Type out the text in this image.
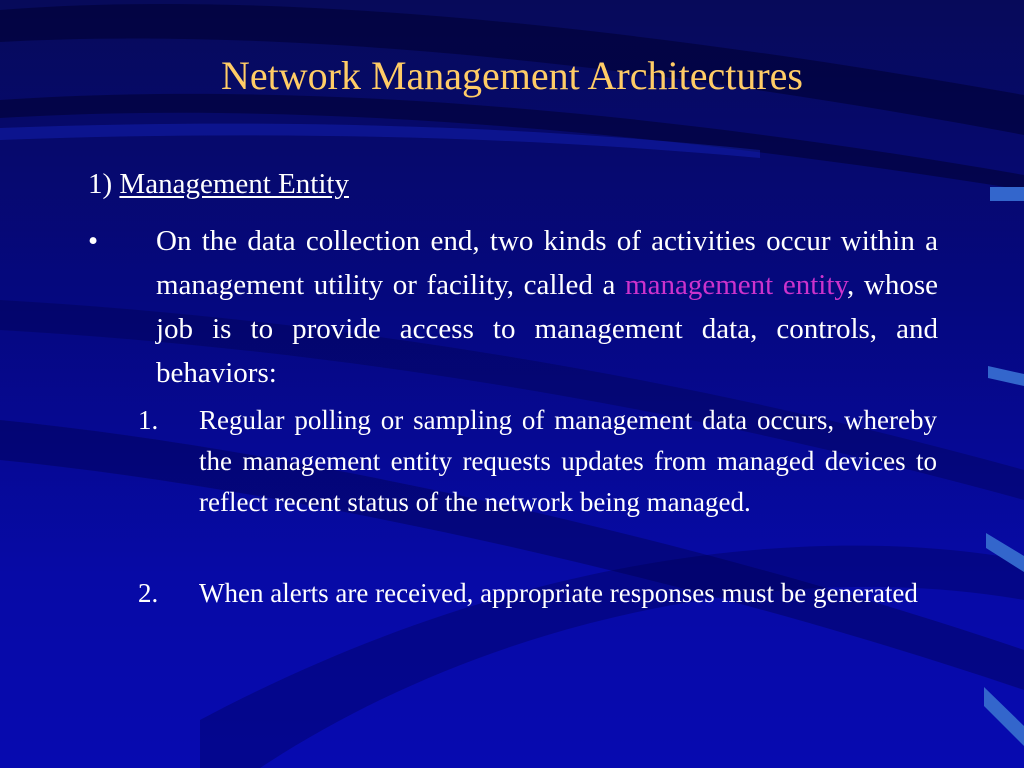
Network Management Architectures
1) Management Entity
• On the data collection end, two kinds of activities occur within a management utility or facility, called a management entity, whose job is to provide access to management data, controls, and behaviors:
1.	Regular polling or sampling of management data occurs, whereby the management entity requests updates from managed devices to reflect recent status of the network being managed.
2.	When alerts are received, appropriate responses must be generated
